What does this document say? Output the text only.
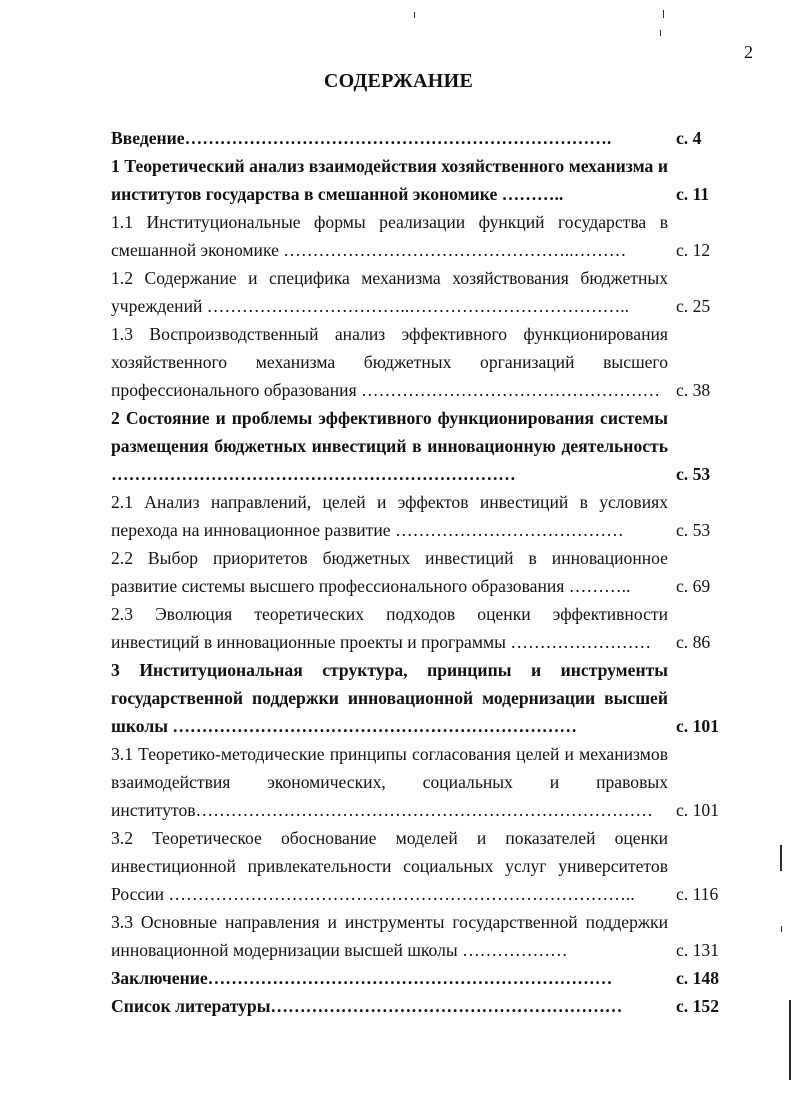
2
СОДЕРЖАНИЕ
Введение……………………………………………………………….	с. 4
1 Теоретический анализ взаимодействия хозяйственного механизма и институтов государства в смешанной экономике ………..	с. 11
1.1 Институциональные формы реализации функций государства в смешанной экономике …………………………………………..………	с. 12
1.2 Содержание и специфика механизма хозяйствования бюджетных учреждений ……………………………..………………………………..	с. 25
1.3 Воспроизводственный анализ эффективного функционирования хозяйственного механизма бюджетных организаций высшего профессионального образования …………………………………………… с. 38
2 Состояние и проблемы эффективного функционирования системы размещения бюджетных инвестиций в инновационную деятельность ……………………………………………………………	с. 53
2.1 Анализ направлений, целей и эффектов инвестиций в условиях перехода на инновационное развитие …………………………………	с. 53
2.2 Выбор приоритетов бюджетных инвестиций в инновационное развитие системы высшего профессионального образования ………..	с. 69
2.3 Эволюция теоретических подходов оценки эффективности инвестиций в инновационные проекты и программы ……………………	с. 86
3 Институциональная структура, принципы и инструменты государственной поддержки инновационной модернизации высшей школы ……………………………………………………………	с. 101
3.1 Теоретико-методические принципы согласования целей и механизмов взаимодействия экономических, социальных и правовых институтов……………………………………………………………………	с. 101
3.2 Теоретическое обоснование моделей и показателей оценки инвестиционной привлекательности социальных услуг университетов России ……………………………………………………………………..	с. 116
3.3 Основные направления и инструменты государственной поддержки инновационной модернизации высшей школы ………………	с. 131
Заключение……………………………………………………………	с. 148
Список литературы……………………………………………………	с. 152
